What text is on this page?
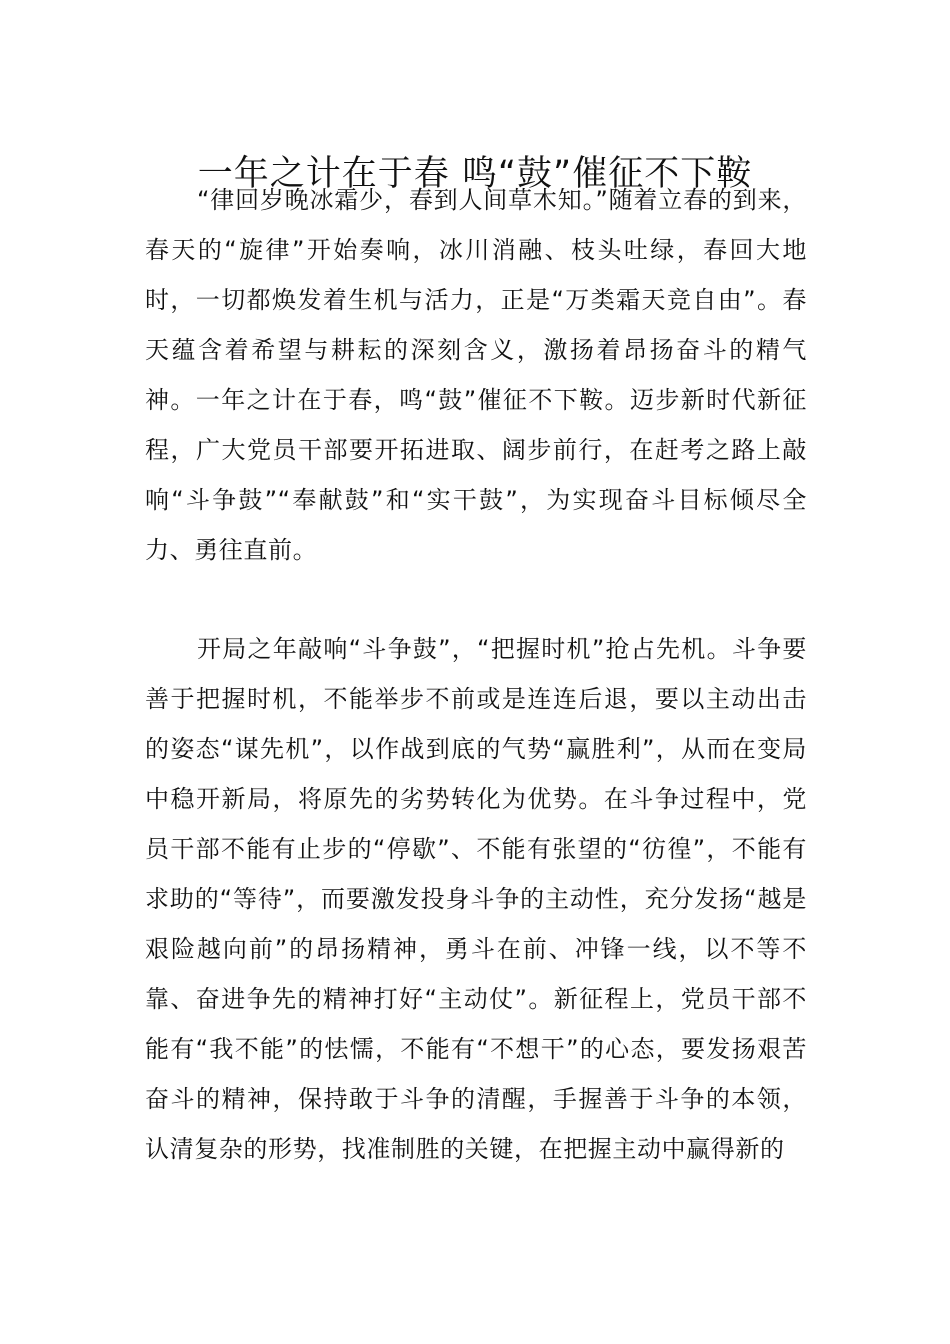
一年之计在于春 鸣“鼓”催征不下鞍

“律回岁晚冰霜少，春到人间草木知。”随着立春的到来，春天的“旋律”开始奏响，冰川消融、枝头吐绿，春回大地时，一切都焕发着生机与活力，正是“万类霜天竞自由”。春天蕴含着希望与耕耘的深刻含义，激扬着昂扬奋斗的精气神。一年之计在于春，鸣“鼓”催征不下鞍。迈步新时代新征程，广大党员干部要开拓进取、阔步前行，在赶考之路上敲响“斗争鼓”“奉献鼓”和“实干鼓”，为实现奋斗目标倾尽全力、勇往直前。

开局之年敲响“斗争鼓”，“把握时机”抢占先机。斗争要善于把握时机，不能举步不前或是连连后退，要以主动出击的姿态“谋先机”，以作战到底的气势“赢胜利”，从而在变局中稳开新局，将原先的劣势转化为优势。在斗争过程中，党员干部不能有止步的“停歇”、不能有张望的“彷徨”，不能有求助的“等待”，而要激发投身斗争的主动性，充分发扬“越是艰险越向前”的昂扬精神，勇斗在前、冲锋一线，以不等不靠、奋进争先的精神打好“主动仗”。新征程上，党员干部不能有“我不能”的怯懦，不能有“不想干”的心态，要发扬艰苦奋斗的精神，保持敢于斗争的清醒，手握善于斗争的本领，认清复杂的形势，找准制胜的关键，在把握主动中赢得新的
